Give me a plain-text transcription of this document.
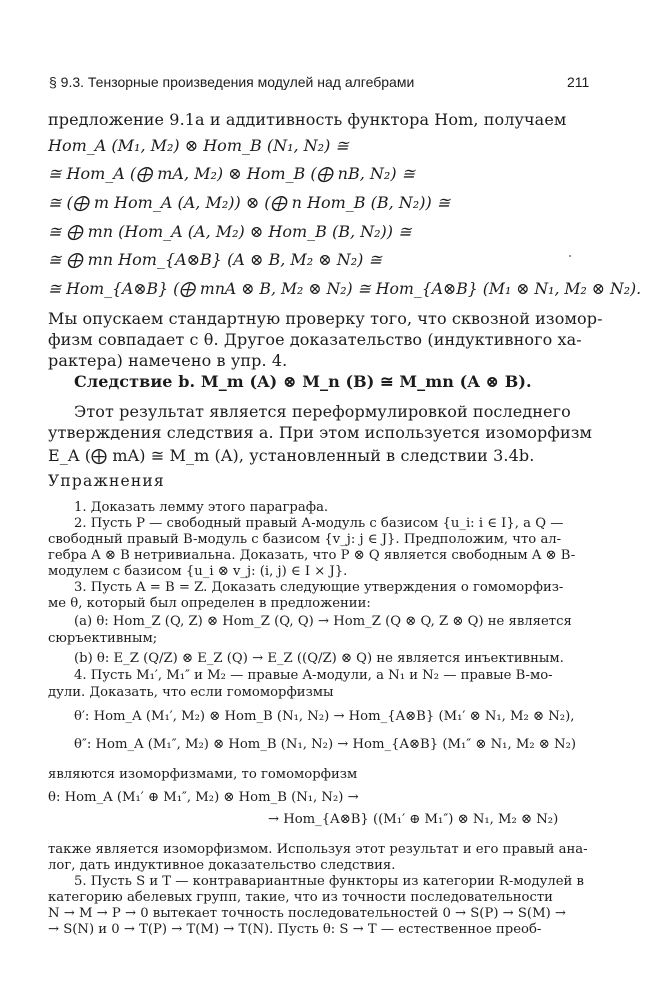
§ 9.3. Тензорные произведения модулей над алгебрами	211
предложение 9.1a и аддитивность функтора Hom, получаем
Hom_A (M₁, M₂) ⊗ Hom_B (N₁, N₂) ≅
≅ Hom_A (⨁ mA, M₂) ⊗ Hom_B (⨁ nB, N₂) ≅
≅ (⨁ m Hom_A (A, M₂)) ⊗ (⨁ n Hom_B (B, N₂)) ≅
≅ ⨁ mn (Hom_A (A, M₂) ⊗ Hom_B (B, N₂)) ≅
≅ ⨁ mn Hom_{A⊗B} (A ⊗ B, M₂ ⊗ N₂) ≅
≅ Hom_{A⊗B} (⨁ mnA ⊗ B, M₂ ⊗ N₂) ≅ Hom_{A⊗B} (M₁ ⊗ N₁, M₂ ⊗ N₂).
Мы опускаем стандартную проверку того, что сквозной изомор-
физм совпадает с θ. Другое доказательство (индуктивного ха-
рактера) намечено в упр. 4.
Следствие b. M_m (A) ⊗ M_n (B) ≅ M_mn (A ⊗ B).
Этот результат является переформулировкой последнего
утверждения следствия a. При этом используется изоморфизм
E_A (⨁ mA) ≅ M_m (A), установленный в следствии 3.4b.
Упражнения
1. Доказать лемму этого параграфа.
2. Пусть P — свободный правый A-модуль с базисом {u_i: i ∈ I}, а Q —
свободный правый B-модуль с базисом {v_j: j ∈ J}. Предположим, что ал-
гебра A ⊗ B нетривиальна. Доказать, что P ⊗ Q является свободным A ⊗ B-
модулем с базисом {u_i ⊗ v_j: (i, j) ∈ I × J}.
3. Пусть A = B = Z. Доказать следующие утверждения о гомоморфиз-
ме θ, который был определен в предложении:
(a) θ: Hom_Z (Q, Z) ⊗ Hom_Z (Q, Q) → Hom_Z (Q ⊗ Q, Z ⊗ Q) не является
сюръективным;
(b) θ: E_Z (Q/Z) ⊗ E_Z (Q) → E_Z ((Q/Z) ⊗ Q) не является инъективным.
4. Пусть M₁′, M₁″ и M₂ — правые A-модули, а N₁ и N₂ — правые B-мо-
дули. Доказать, что если гомоморфизмы
θ′: Hom_A (M₁′, M₂) ⊗ Hom_B (N₁, N₂) → Hom_{A⊗B} (M₁′ ⊗ N₁, M₂ ⊗ N₂),
θ″: Hom_A (M₁″, M₂) ⊗ Hom_B (N₁, N₂) → Hom_{A⊗B} (M₁″ ⊗ N₁, M₂ ⊗ N₂)
являются изоморфизмами, то гомоморфизм
θ: Hom_A (M₁′ ⊕ M₁″, M₂) ⊗ Hom_B (N₁, N₂) →
→ Hom_{A⊗B} ((M₁′ ⊕ M₁″) ⊗ N₁, M₂ ⊗ N₂)
также является изоморфизмом. Используя этот результат и его правый ана-
лог, дать индуктивное доказательство следствия.
5. Пусть S и T — контравариантные функторы из категории R-модулей в
категорию абелевых групп, такие, что из точности последовательности
N → M → P → 0 вытекает точность последовательностей 0 → S(P) → S(M) →
→ S(N) и 0 → T(P) → T(M) → T(N). Пусть θ: S → T — естественное преоб-
